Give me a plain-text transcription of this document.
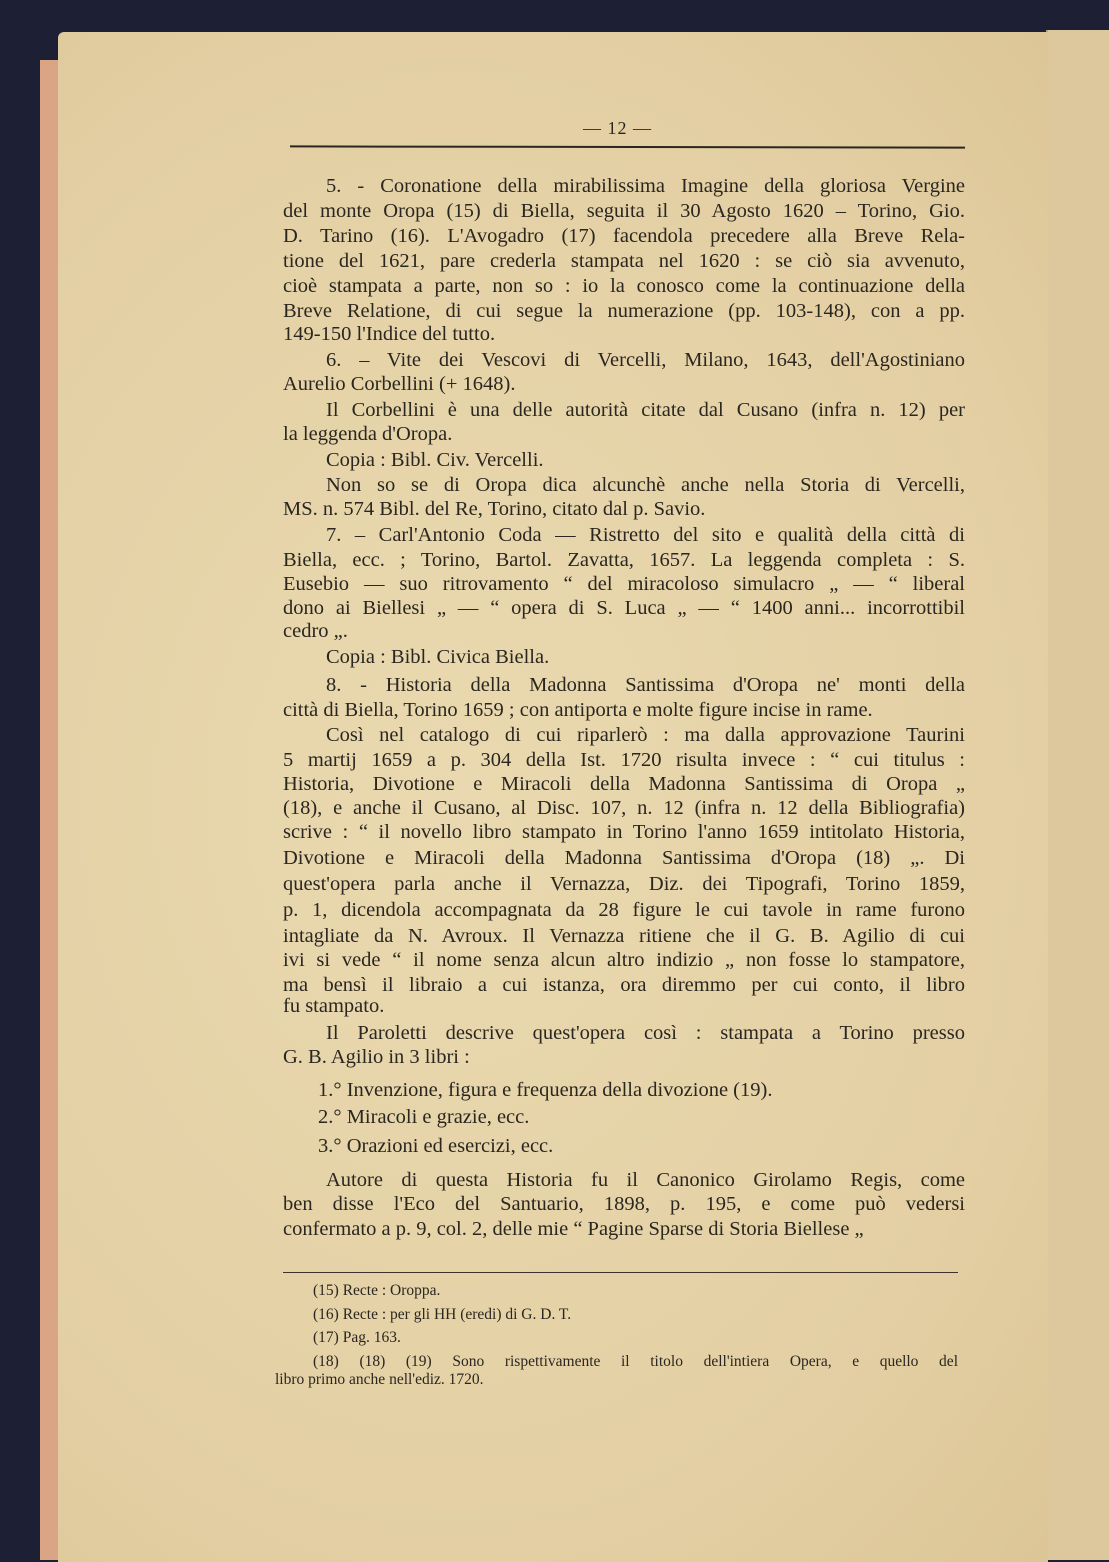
— 12 —
5. - Coronatione della mirabilissima Imagine della gloriosa Vergine
del monte Oropa (15) di Biella, seguita il 30 Agosto 1620 – Torino, Gio.
D. Tarino (16). L'Avogadro (17) facendola precedere alla Breve Rela-
tione del 1621, pare crederla stampata nel 1620 : se ciò sia avvenuto,
cioè stampata a parte, non so : io la conosco come la continuazione della
Breve Relatione, di cui segue la numerazione (pp. 103-148), con a pp.
149-150 l'Indice del tutto.
6. – Vite dei Vescovi di Vercelli, Milano, 1643, dell'Agostiniano
Aurelio Corbellini (+ 1648).
Il Corbellini è una delle autorità citate dal Cusano (infra n. 12) per
la leggenda d'Oropa.
Copia : Bibl. Civ. Vercelli.
Non so se di Oropa dica alcunchè anche nella Storia di Vercelli,
MS. n. 574 Bibl. del Re, Torino, citato dal p. Savio.
7. – Carl'Antonio Coda — Ristretto del sito e qualità della città di
Biella, ecc. ; Torino, Bartol. Zavatta, 1657. La leggenda completa : S.
Eusebio — suo ritrovamento “ del miracoloso simulacro „ — “ liberal
dono ai Biellesi „ — “ opera di S. Luca „ — “ 1400 anni... incorrottibil
cedro „.
Copia : Bibl. Civica Biella.
8. - Historia della Madonna Santissima d'Oropa ne' monti della
città di Biella, Torino 1659 ; con antiporta e molte figure incise in rame.
Così nel catalogo di cui riparlerò : ma dalla approvazione Taurini
5 martij 1659 a p. 304 della Ist. 1720 risulta invece : “ cui titulus :
Historia, Divotione e Miracoli della Madonna Santissima di Oropa „
(18), e anche il Cusano, al Disc. 107, n. 12 (infra n. 12 della Bibliografia)
scrive : “ il novello libro stampato in Torino l'anno 1659 intitolato Historia,
Divotione e Miracoli della Madonna Santissima d'Oropa (18) „. Di
quest'opera parla anche il Vernazza, Diz. dei Tipografi, Torino 1859,
p. 1, dicendola accompagnata da 28 figure le cui tavole in rame furono
intagliate da N. Avroux. Il Vernazza ritiene che il G. B. Agilio di cui
ivi si vede “ il nome senza alcun altro indizio „ non fosse lo stampatore,
ma bensì il libraio a cui istanza, ora diremmo per cui conto, il libro
fu stampato.
Il Paroletti descrive quest'opera così : stampata a Torino presso
G. B. Agilio in 3 libri :
1.° Invenzione, figura e frequenza della divozione (19).
2.° Miracoli e grazie, ecc.
3.° Orazioni ed esercizi, ecc.
Autore di questa Historia fu il Canonico Girolamo Regis, come
ben disse l'Eco del Santuario, 1898, p. 195, e come può vedersi
confermato a p. 9, col. 2, delle mie “ Pagine Sparse di Storia Biellese „
(15) Recte : Oroppa.
(16) Recte : per gli HH (eredi) di G. D. T.
(17) Pag. 163.
(18) (18) (19) Sono rispettivamente il titolo dell'intiera Opera, e quello del
libro primo anche nell'ediz. 1720.
